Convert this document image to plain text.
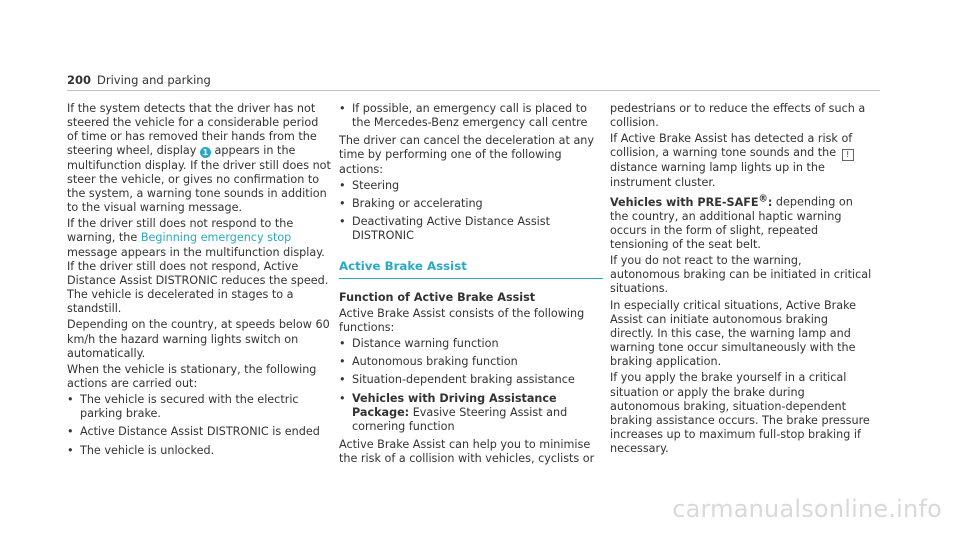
200 Driving and parking

If the system detects that the driver has not steered the vehicle for a considerable period of time or has removed their hands from the steering wheel, display 1 appears in the multifunction display. If the driver still does not steer the vehicle, or gives no confirmation to the system, a warning tone sounds in addition to the visual warning message.

If the driver still does not respond to the warning, the Beginning emergency stop message appears in the multifunction display. If the driver still does not respond, Active Distance Assist DISTRONIC reduces the speed. The vehicle is decelerated in stages to a standstill.

Depending on the country, at speeds below 60 km/h the hazard warning lights switch on automatically.

When the vehicle is stationary, the following actions are carried out:

• The vehicle is secured with the electric parking brake.
• Active Distance Assist DISTRONIC is ended
• The vehicle is unlocked.
• If possible, an emergency call is placed to the Mercedes-Benz emergency call centre

The driver can cancel the deceleration at any time by performing one of the following actions:

• Steering
• Braking or accelerating
• Deactivating Active Distance Assist DISTRONIC
Active Brake Assist
Function of Active Brake Assist

Active Brake Assist consists of the following functions:

• Distance warning function
• Autonomous braking function
• Situation-dependent braking assistance
• Vehicles with Driving Assistance Package: Evasive Steering Assist and cornering function

Active Brake Assist can help you to minimise the risk of a collision with vehicles, cyclists or

pedestrians or to reduce the effects of such a collision.

If Active Brake Assist has detected a risk of collision, a warning tone sounds and the ! distance warning lamp lights up in the instrument cluster.

Vehicles with PRE-SAFE®: depending on the country, an additional haptic warning occurs in the form of slight, repeated tensioning of the seat belt.

If you do not react to the warning, autonomous braking can be initiated in critical situations.

In especially critical situations, Active Brake Assist can initiate autonomous braking directly. In this case, the warning lamp and warning tone occur simultaneously with the braking application.

If you apply the brake yourself in a critical situation or apply the brake during autonomous braking, situation-dependent braking assistance occurs. The brake pressure increases up to maximum full-stop braking if necessary.

carmanualsonline.info
